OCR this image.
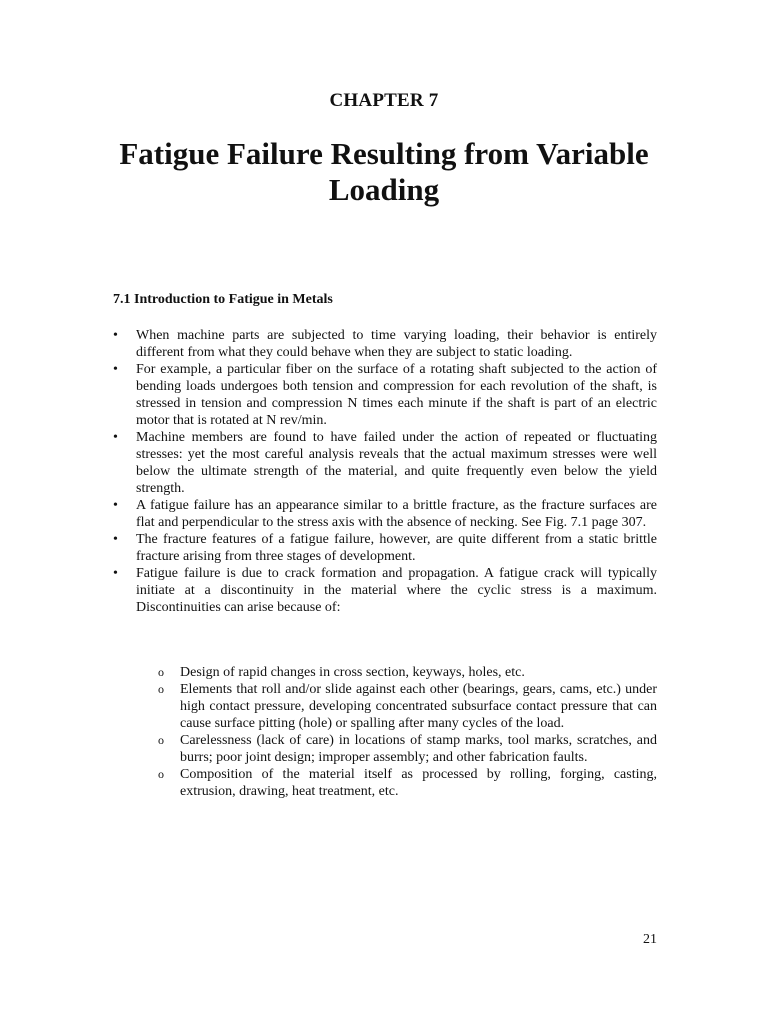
CHAPTER 7
Fatigue Failure Resulting from Variable Loading
7.1 Introduction to Fatigue in Metals
•	When machine parts are subjected to time varying loading, their behavior is entirely different from what they could behave when they are subject to static loading.
•	For example, a particular fiber on the surface of a rotating shaft subjected to the action of bending loads undergoes both tension and compression for each revolution of the shaft, is stressed in tension and compression N times each minute if the shaft is part of an electric motor that is rotated at N rev/min.
•	Machine members are found to have failed under the action of repeated or fluctuating stresses: yet the most careful analysis reveals that the actual maximum stresses were well below the ultimate strength of the material, and quite frequently even below the yield strength.
•	A fatigue failure has an appearance similar to a brittle fracture, as the fracture surfaces are flat and perpendicular to the stress axis with the absence of necking. See Fig. 7.1 page 307.
•	The fracture features of a fatigue failure, however, are quite different from a static brittle fracture arising from three stages of development.
•	Fatigue failure is due to crack formation and propagation. A fatigue crack will typically initiate at a discontinuity in the material where the cyclic stress is a maximum. Discontinuities can arise because of:
o Design of rapid changes in cross section, keyways, holes, etc.
o Elements that roll and/or slide against each other (bearings, gears, cams, etc.) under high contact pressure, developing concentrated subsurface contact pressure that can cause surface pitting (hole) or spalling after many cycles of the load.
o Carelessness (lack of care) in locations of stamp marks, tool marks, scratches, and burrs; poor joint design; improper assembly; and other fabrication faults.
o Composition of the material itself as processed by rolling, forging, casting, extrusion, drawing, heat treatment, etc.
21
